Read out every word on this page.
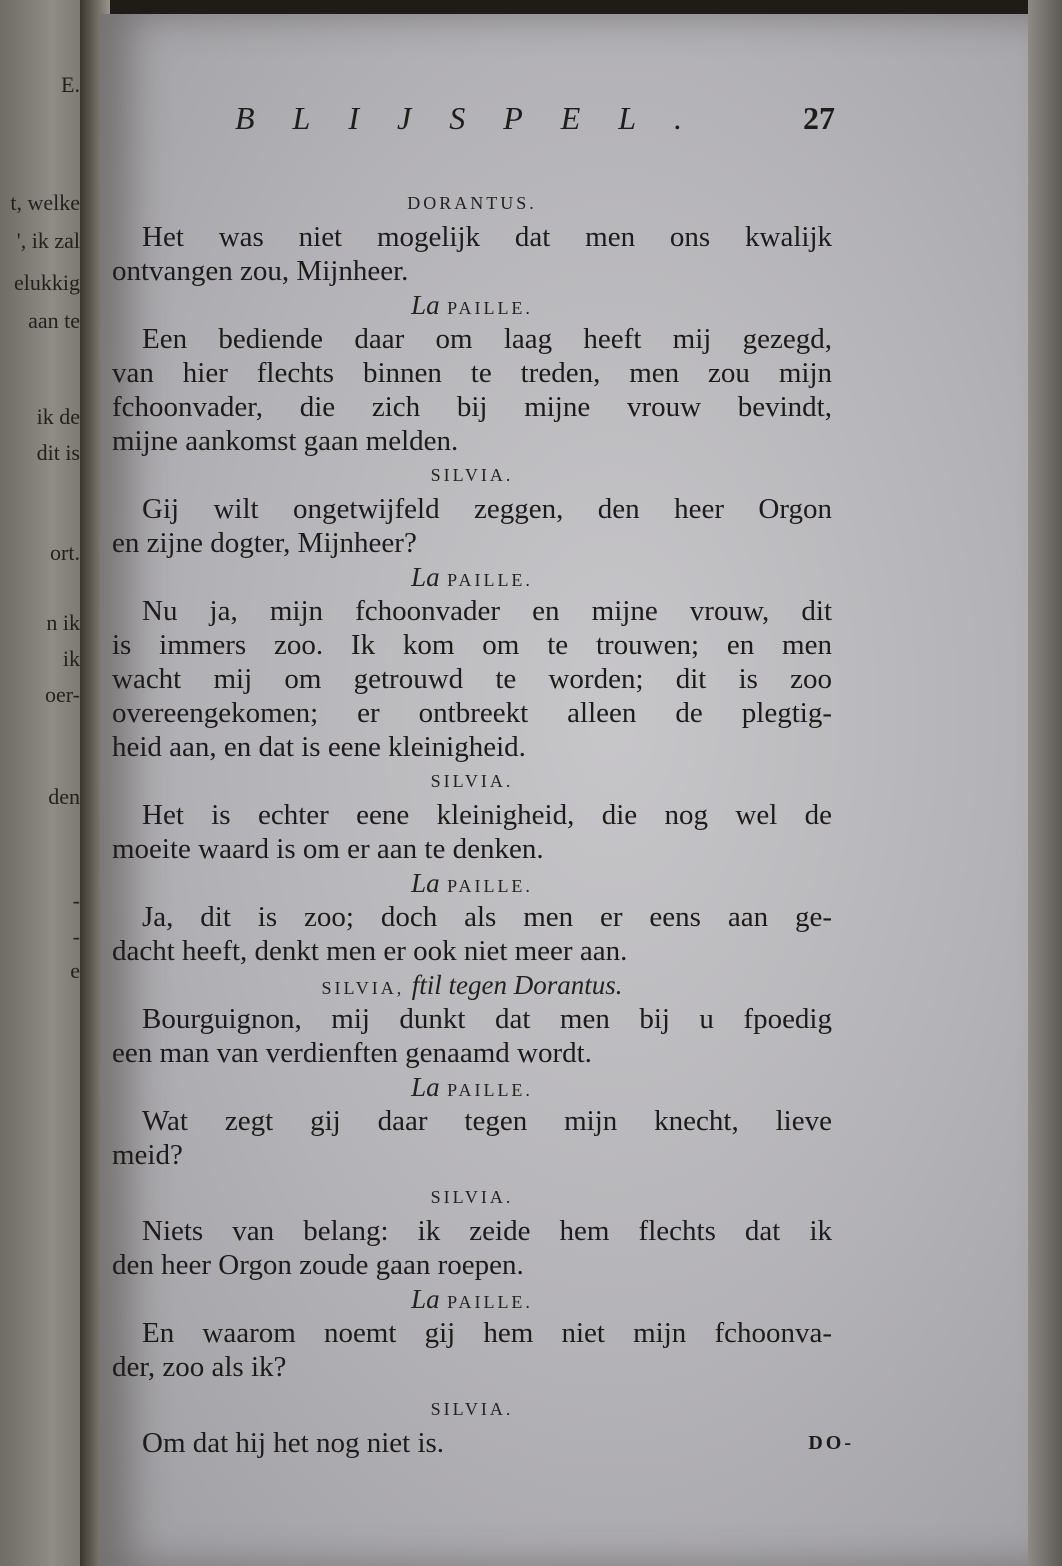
E.
t, welke
', ik zal
elukkig
aan te
ik de
dit is
ort.
n ik
ik
oer-
den
-
-
e
BLIJSPEL.	27
DORANTUS.
Het was niet mogelijk dat men ons kwalijk
ontvangen zou, Mijnheer.
La PAILLE.
Een bediende daar om laag heeft mij gezegd,
van hier flechts binnen te treden, men zou mijn
fchoonvader, die zich bij mijne vrouw bevindt,
mijne aankomst gaan melden.
SILVIA.
Gij wilt ongetwijfeld zeggen, den heer Orgon
en zijne dogter, Mijnheer?
La PAILLE.
Nu ja, mijn fchoonvader en mijne vrouw, dit
is immers zoo. Ik kom om te trouwen; en men
wacht mij om getrouwd te worden; dit is zoo
overeengekomen; er ontbreekt alleen de plegtig-
heid aan, en dat is eene kleinigheid.
SILVIA.
Het is echter eene kleinigheid, die nog wel de
moeite waard is om er aan te denken.
La PAILLE.
Ja, dit is zoo; doch als men er eens aan ge-
dacht heeft, denkt men er ook niet meer aan.
SILVIA, ftil tegen Dorantus.
Bourguignon, mij dunkt dat men bij u fpoedig
een man van verdienften genaamd wordt.
La PAILLE.
Wat zegt gij daar tegen mijn knecht, lieve
meid?
SILVIA.
Niets van belang: ik zeide hem flechts dat ik
den heer Orgon zoude gaan roepen.
La PAILLE.
En waarom noemt gij hem niet mijn fchoonva-
der, zoo als ik?
SILVIA.
Om dat hij het nog niet is.	DO-
